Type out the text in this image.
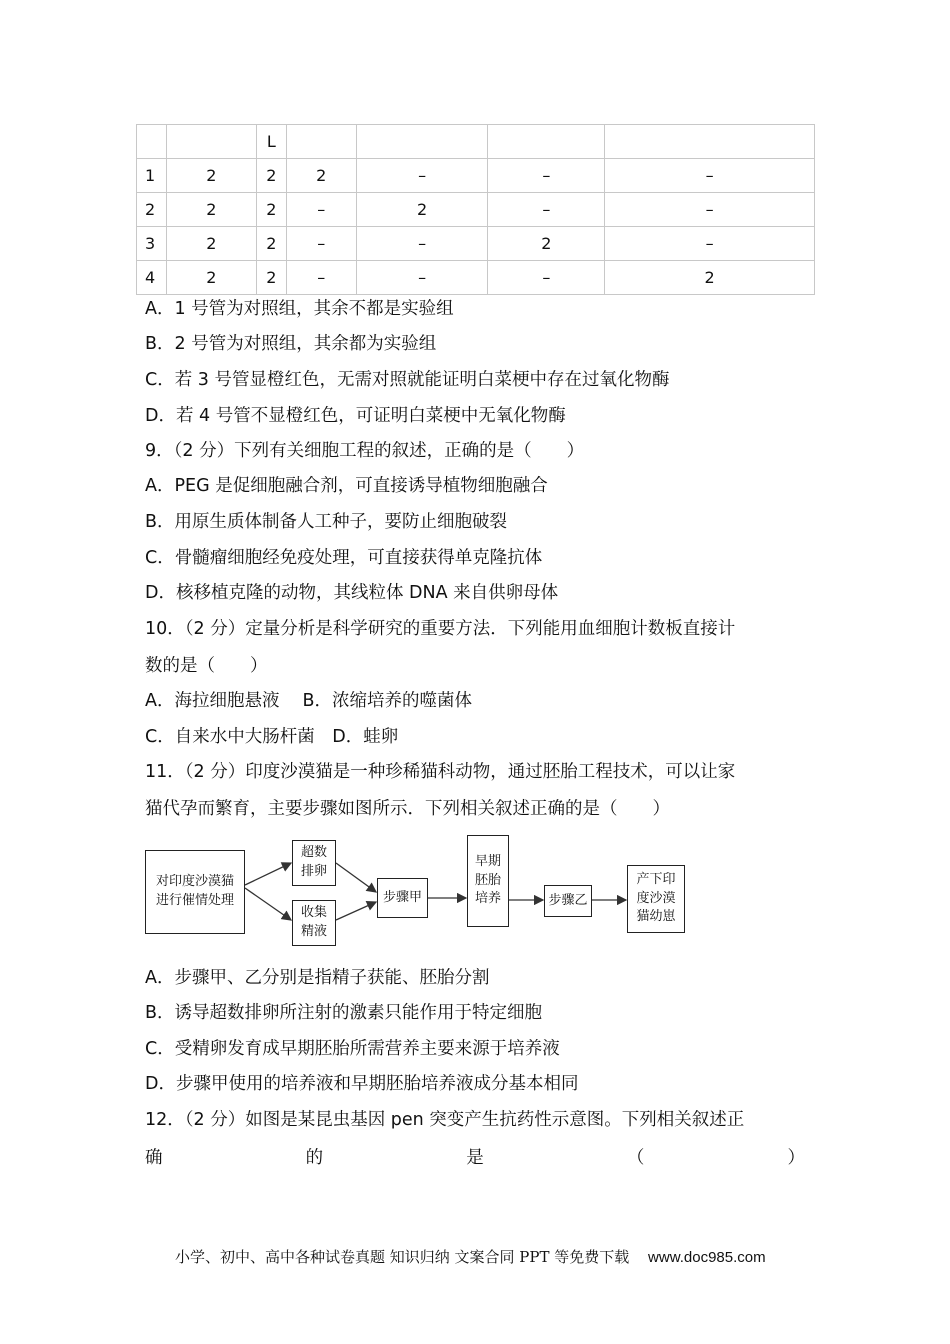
		L				
1	2	2	2	–	–	–
2	2	2	–	2	–	–
3	2	2	–	–	2	–
4	2	2	–	–	–	2
A．1 号管为对照组，其余不都是实验组
B．2 号管为对照组，其余都为实验组
C．若 3 号管显橙红色，无需对照就能证明白菜梗中存在过氧化物酶
D．若 4 号管不显橙红色，可证明白菜梗中无氧化物酶
9．（2 分）下列有关细胞工程的叙述，正确的是（　　）
A．PEG 是促细胞融合剂，可直接诱导植物细胞融合
B．用原生质体制备人工种子，要防止细胞破裂
C．骨髓瘤细胞经免疫处理，可直接获得单克隆抗体
D．核移植克隆的动物，其线粒体 DNA 来自供卵母体
10．（2 分）定量分析是科学研究的重要方法．下列能用血细胞计数板直接计
数的是（　　）
A．海拉细胞悬液　 B．浓缩培养的噬菌体
C．自来水中大肠杆菌　D．蛙卵
11．（2 分）印度沙漠猫是一种珍稀猫科动物，通过胚胎工程技术，可以让家
猫代孕而繁育，主要步骤如图所示．下列相关叙述正确的是（　　）
对印度沙漠猫
进行催情处理
超数
排卵
收集
精液
步骤甲
早期
胚胎
培养	步骤乙
产下印
度沙漠
猫幼崽
A．步骤甲、乙分别是指精子获能、胚胎分割
B．诱导超数排卵所注射的激素只能作用于特定细胞
C．受精卵发育成早期胚胎所需营养主要来源于培养液
D．步骤甲使用的培养液和早期胚胎培养液成分基本相同
12．（2 分）如图是某昆虫基因 pen 突变产生抗药性示意图。下列相关叙述正
确	的	是	（	）
小学、初中、高中各种试卷真题 知识归纳 文案合同 PPT 等免费下载 www.doc985.com
